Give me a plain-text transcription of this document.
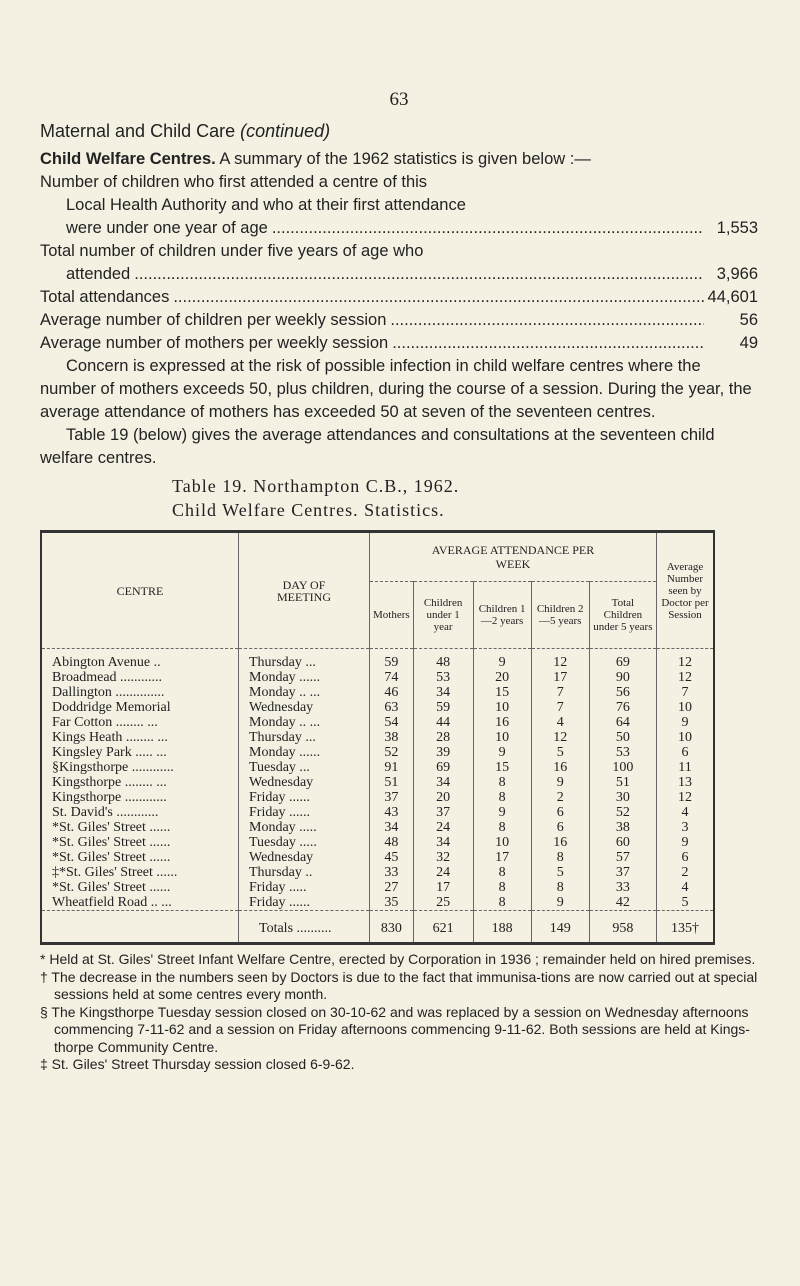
63
Maternal and Child Care (continued)
Child Welfare Centres. A summary of the 1962 statistics is given below :—
Number of children who first attended a centre of this
Local Health Authority and who at their first attendance
were under one year of age .....	1,553
Total number of children under five years of age who
attended .....	3,966
Total attendances .....	44,601
Average number of children per weekly session .....	56
Average number of mothers per weekly session .....	49
Concern is expressed at the risk of possible infection in child welfare centres where the number of mothers exceeds 50, plus children, during the course of a session. During the year, the average attendance of mothers has exceeded 50 at seven of the seventeen centres.
Table 19 (below) gives the average attendances and consultations at the seventeen child welfare centres.
Table 19. Northampton C.B., 1962.
Child Welfare Centres. Statistics.
CENTRE	DAY OF MEETING	AVERAGE ATTENDANCE PER WEEK					Average Number seen by Doctor per Session
		Mothers	Children under 1 year	Children 1—2 years	Children 2—5 years	Total Children under 5 years	
Abington Avenue ..	Thursday ...	59	48	9	12	69	12
Broadmead ............	Monday ......	74	53	20	17	90	12
Dallington ..............	Monday .. ...	46	34	15	7	56	7
Doddridge Memorial	Wednesday	63	59	10	7	76	10
Far Cotton ........ ...	Monday .. ...	54	44	16	4	64	9
Kings Heath ........ ...	Thursday ...	38	28	10	12	50	10
Kingsley Park ..... ...	Monday ......	52	39	9	5	53	6
§Kingsthorpe ............	Tuesday ...	91	69	15	16	100	11
Kingsthorpe ........ ...	Wednesday	51	34	8	9	51	13
Kingsthorpe ............	Friday ......	37	20	8	2	30	12
St. David's ............	Friday ......	43	37	9	6	52	4
*St. Giles' Street ......	Monday .....	34	24	8	6	38	3
*St. Giles' Street ......	Tuesday .....	48	34	10	16	60	9
*St. Giles' Street ......	Wednesday	45	32	17	8	57	6
‡*St. Giles' Street ......	Thursday ..	33	24	8	5	37	2
*St. Giles' Street ......	Friday .....	27	17	8	8	33	4
Wheatfield Road .. ...	Friday ......	35	25	8	9	42	5
	Totals ..........	830	621	188	149	958	135†

* Held at St. Giles' Street Infant Welfare Centre, erected by Corporation in 1936 ; remainder held on hired premises.

† The decrease in the numbers seen by Doctors is due to the fact that immunisa-tions are now carried out at special sessions held at some centres every month.

§ The Kingsthorpe Tuesday session closed on 30-10-62 and was replaced by a session on Wednesday afternoons commencing 7-11-62 and a session on Friday afternoons commencing 9-11-62. Both sessions are held at Kings-thorpe Community Centre.

‡ St. Giles' Street Thursday session closed 6-9-62.
